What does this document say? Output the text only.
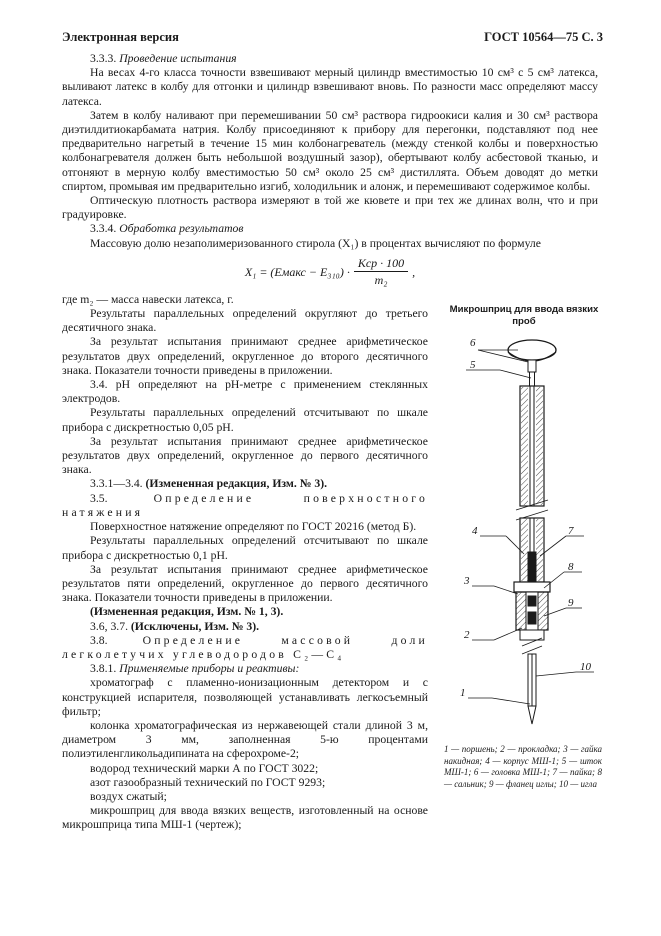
Электронная версия	ГОСТ 10564—75 С. 3

3.3.3. Проведение испытания

На весах 4-го класса точности взвешивают мерный цилиндр вместимостью 10 см³ с 5 см³ латекса, выливают латекс в колбу для отгонки и цилиндр взвешивают вновь. По разности масс определяют массу латекса.

Затем в колбу наливают при перемешивании 50 см³ раствора гидроокиси калия и 30 см³ раствора диэтилдитиокарбамата натрия. Колбу присоединяют к прибору для перегонки, подставляют под нее предварительно нагретый в течение 15 мин колбонагреватель (между стенкой колбы и поверхностью колбонагревателя должен быть небольшой воздушный зазор), обертывают колбу асбестовой тканью, и отгоняют в мерную колбу вместимостью 50 см³ около 25 см³ дистиллята. Объем доводят до метки спиртом, промывая им предварительно изгиб, холодильник и алонж, и перемешивают содержимое колбы.

Оптическую плотность раствора измеряют в той же кювете и при тех же длинах волн, что и при градуировке.

3.3.4. Обработка результатов

Массовую долю незаполимеризованного стирола (X₁) в процентах вычисляют по формуле

X₁ = (Eмакс − $E_{310}) \cdot \frac{\text{Kср · 100}}{\text{m₂}}$ ,

где m₂ — масса навески латекса, г.

Результаты параллельных определений округляют до третьего десятичного знака.

За результат испытания принимают среднее арифметическое результатов двух определений, округленное до второго десятичного знака. Показатели точности приведены в приложении.

3.4. pH определяют на pH-метре с применением стеклянных электродов.

Результаты параллельных определений отсчитывают по шкале прибора с дискретностью 0,05 pH.

За результат испытания принимают среднее арифметическое результатов двух определений, округленное до первого десятичного знака.

3.3.1—3.4. (Измененная редакция, Изм. № 3).

3.5.	Определение поверхностного натяжения

Поверхностное натяжение определяют по ГОСТ 20216 (метод Б).

Результаты параллельных определений отсчитывают по шкале прибора с дискретностью 0,1 pH.

За результат испытания принимают среднее арифметическое результатов пяти определений, округленное до первого десятичного знака. Показатели точности приведены в приложении.

(Измененная редакция, Изм. № 1, 3).

3.6, 3.7. (Исключены, Изм. № 3).

3.8.	Определение массовой доли легколетучих углеводородов С₂—С₄

3.8.1. Применяемые приборы и реактивы:

хроматограф с пламенно-ионизационным детектором и с конструкцией испарителя, позволяющей устанавливать легкосъемный фильтр;

колонка хроматографическая из нержавеющей стали длиной 3 м, диаметром 3 мм, заполненная 5-ю процентами полиэтиленгликольадипината на сферохроме-2;

водород технический марки А по ГОСТ 3022;

азот газообразный технический по ГОСТ 9293;

воздух сжатый;

микрошприц для ввода вязких веществ, изготовленный на основе микрошприца типа МШ-1 (чертеж);

Микрошприц для ввода вязких проб
6
5
4	7
8
3
9
2
10
1
1 — поршень; 2 — прокладка; 3 — гайка накидная; 4 — корпус МШ-1; 5 — шток МШ-1; 6 — головка МШ-1; 7 — пайка; 8 — сальник; 9 — фланец иглы; 10 — игла
